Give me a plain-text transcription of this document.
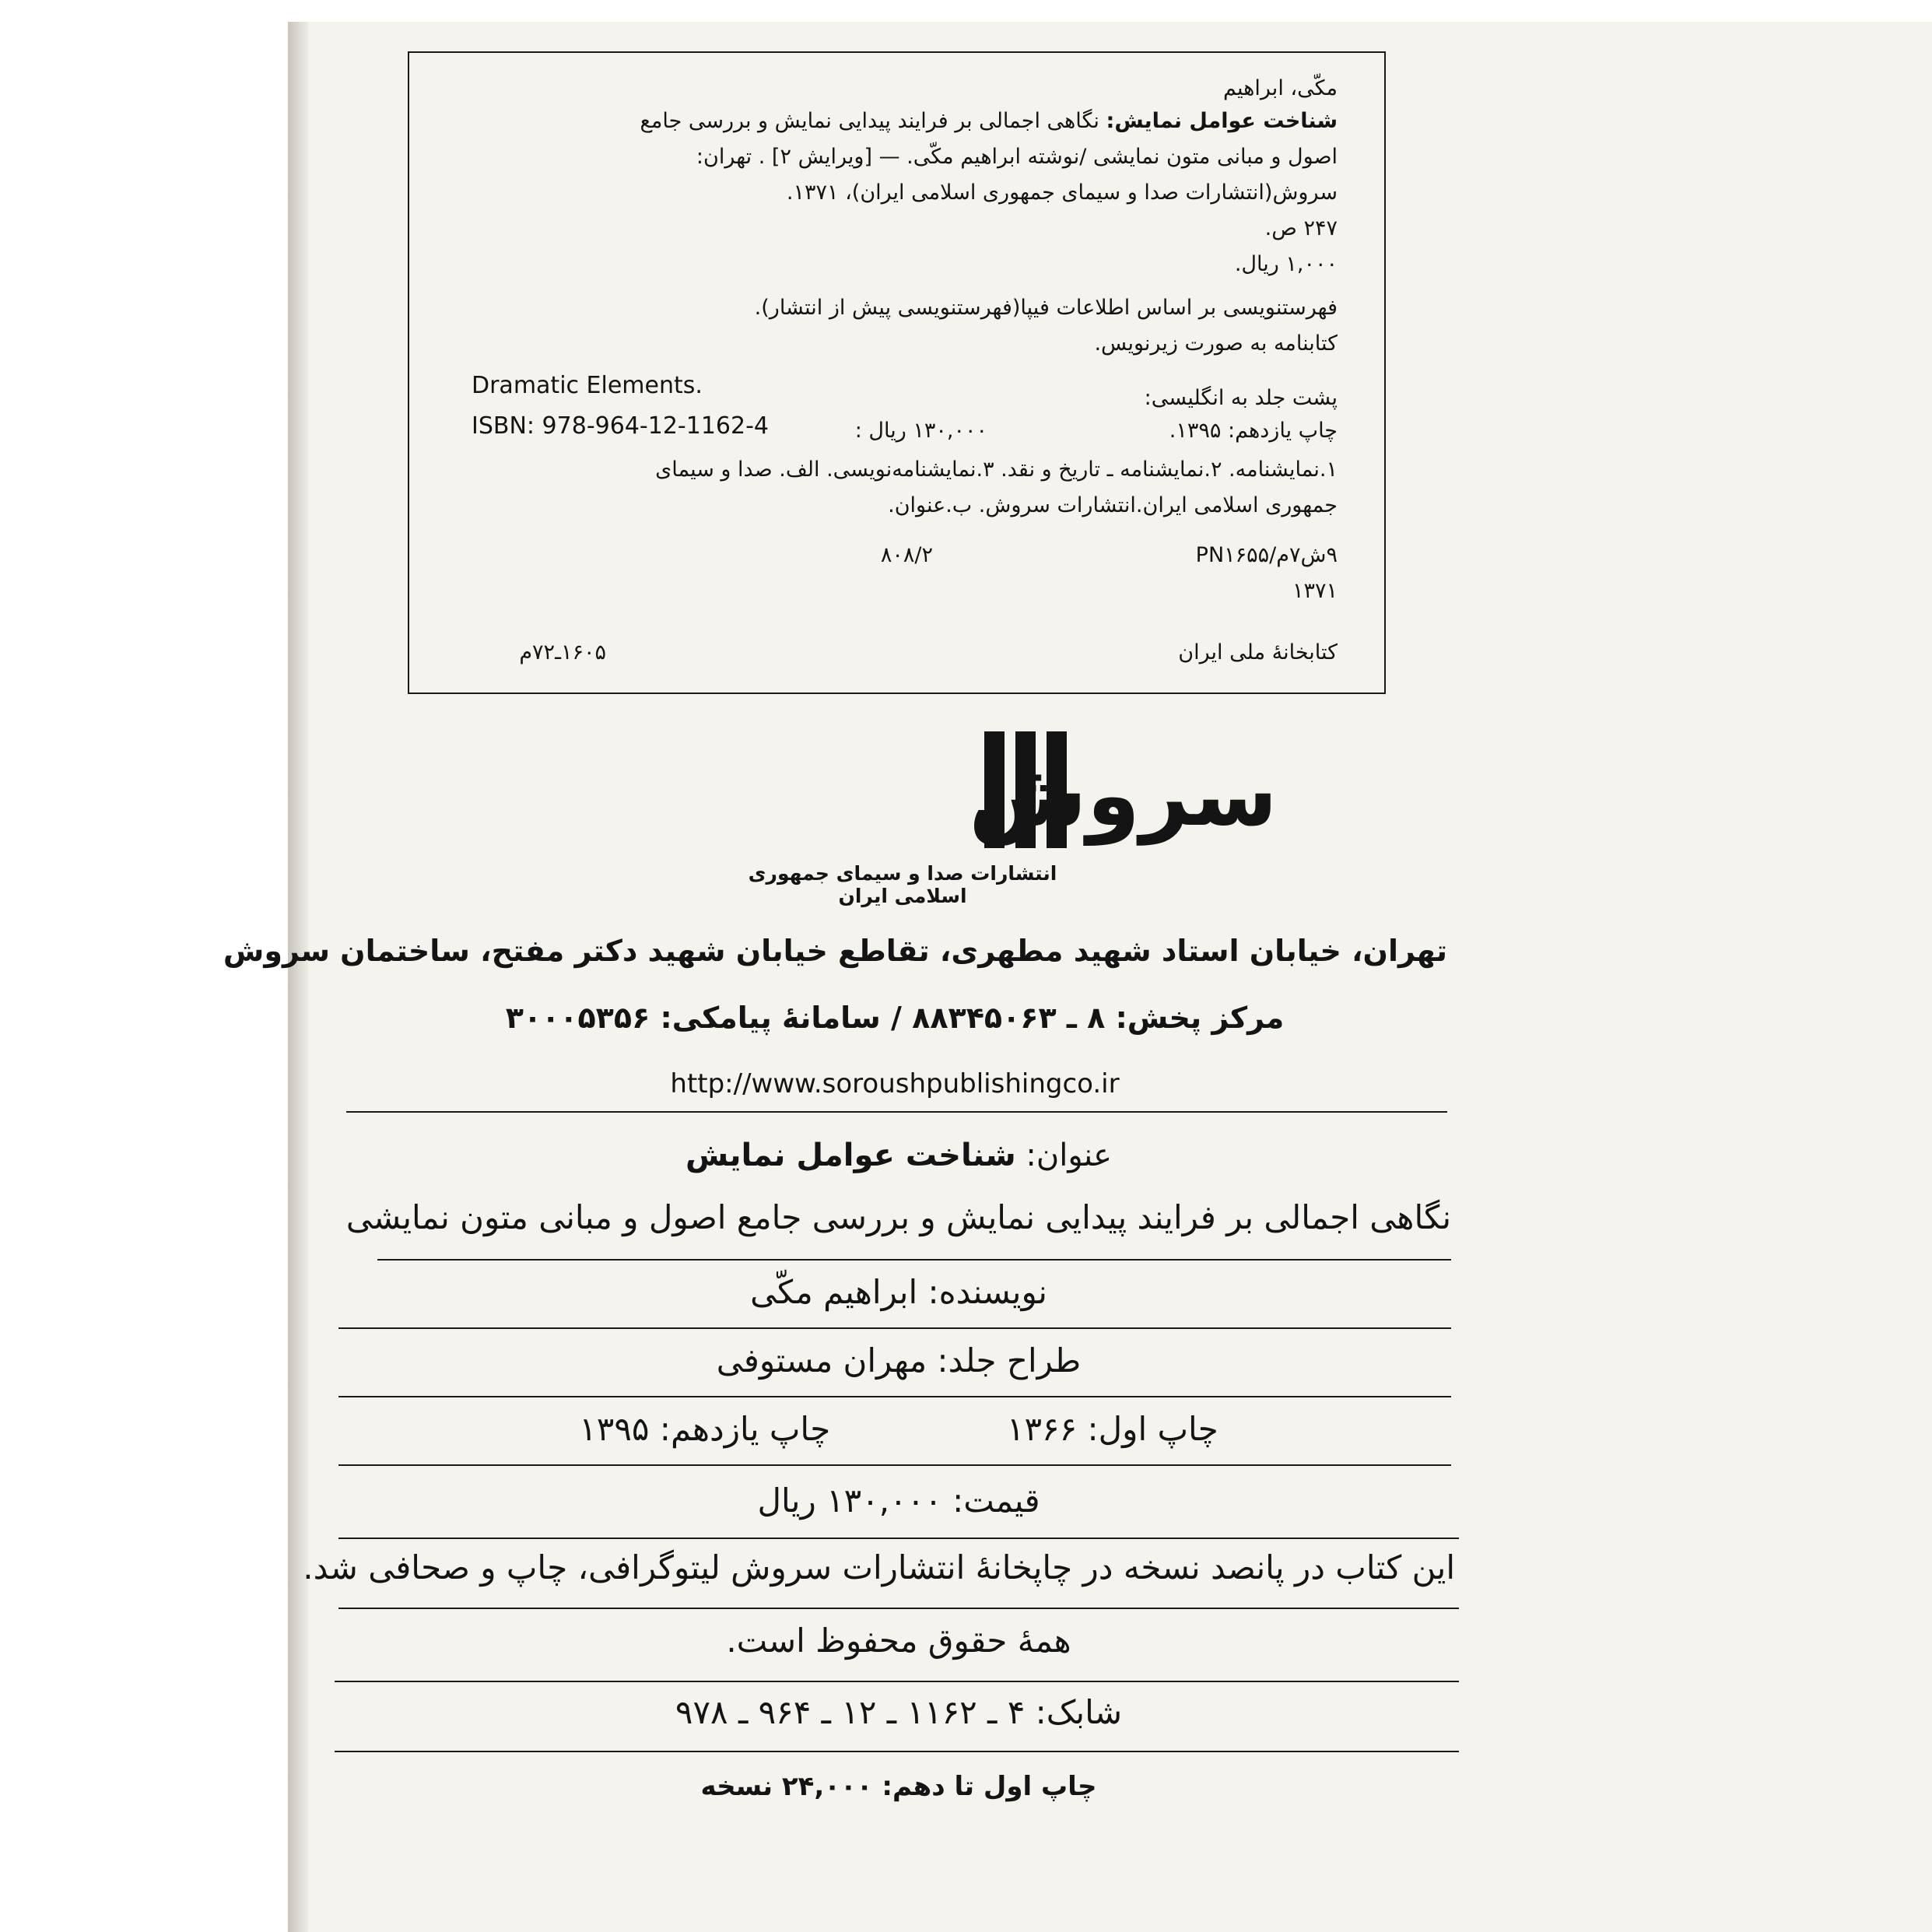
مکّی، ابراهیم
شناخت عوامل نمایش: نگاهی اجمالی بر فرایند پیدایی نمایش و بررسی جامع
اصول و مبانی متون نمایشی /نوشته ابراهیم مکّی. — [ویرایش ۲] . تهران:
سروش(انتشارات صدا و سیمای جمهوری اسلامی ایران)، ۱۳۷۱.
۲۴۷ ص.
۱,۰۰۰ ریال.
فهرستنویسی بر اساس اطلاعات فیپا(فهرستنویسی پیش از انتشار).
کتابنامه به صورت زیرنویس.
Dramatic Elements.	پشت جلد به انگلیسی:
چاپ یازدهم: ۱۳۹۵.
۱۳۰,۰۰۰ ریال :
ISBN: 978-964-12-1162-4
۱.نمایشنامه. ۲.نمایشنامه ـ تاریخ و نقد. ۳.نمایشنامه‌نویسی. الف. صدا و سیمای
جمهوری اسلامی ایران.انتشارات سروش. ب.عنوان.
۹ش۷م/PN۱۶۵۵
۸۰۸/۲
۱۳۷۱
کتابخانهٔ ملی ایران
۱۶۰۵ـ۷۲م
سروش
انتشارات صدا و سیمای جمهوری اسلامی ایران
تهران، خیابان استاد شهید مطهری، تقاطع خیابان شهید دکتر مفتح، ساختمان سروش
مرکز پخش: ۸ ـ ۸۸۳۴۵۰۶۳ / سامانهٔ پیامکی: ۳۰۰۰۵۳۵۶
http://www.soroushpublishingco.ir
عنوان: شناخت عوامل نمایش
نگاهی اجمالی بر فرایند پیدایی نمایش و بررسی جامع اصول و مبانی متون نمایشی
نویسنده: ابراهیم مکّی
طراح جلد: مهران مستوفی
چاپ اول: ۱۳۶۶  چاپ یازدهم: ۱۳۹۵
قیمت: ۱۳۰,۰۰۰ ریال
این کتاب در پانصد نسخه در چاپخانهٔ انتشارات سروش لیتوگرافی، چاپ و صحافی شد.
همهٔ حقوق محفوظ است.
شابک: ۴ ـ ۱۱۶۲ ـ ۱۲ ـ ۹۶۴ ـ ۹۷۸
چاپ اول تا دهم: ۲۴,۰۰۰ نسخه
